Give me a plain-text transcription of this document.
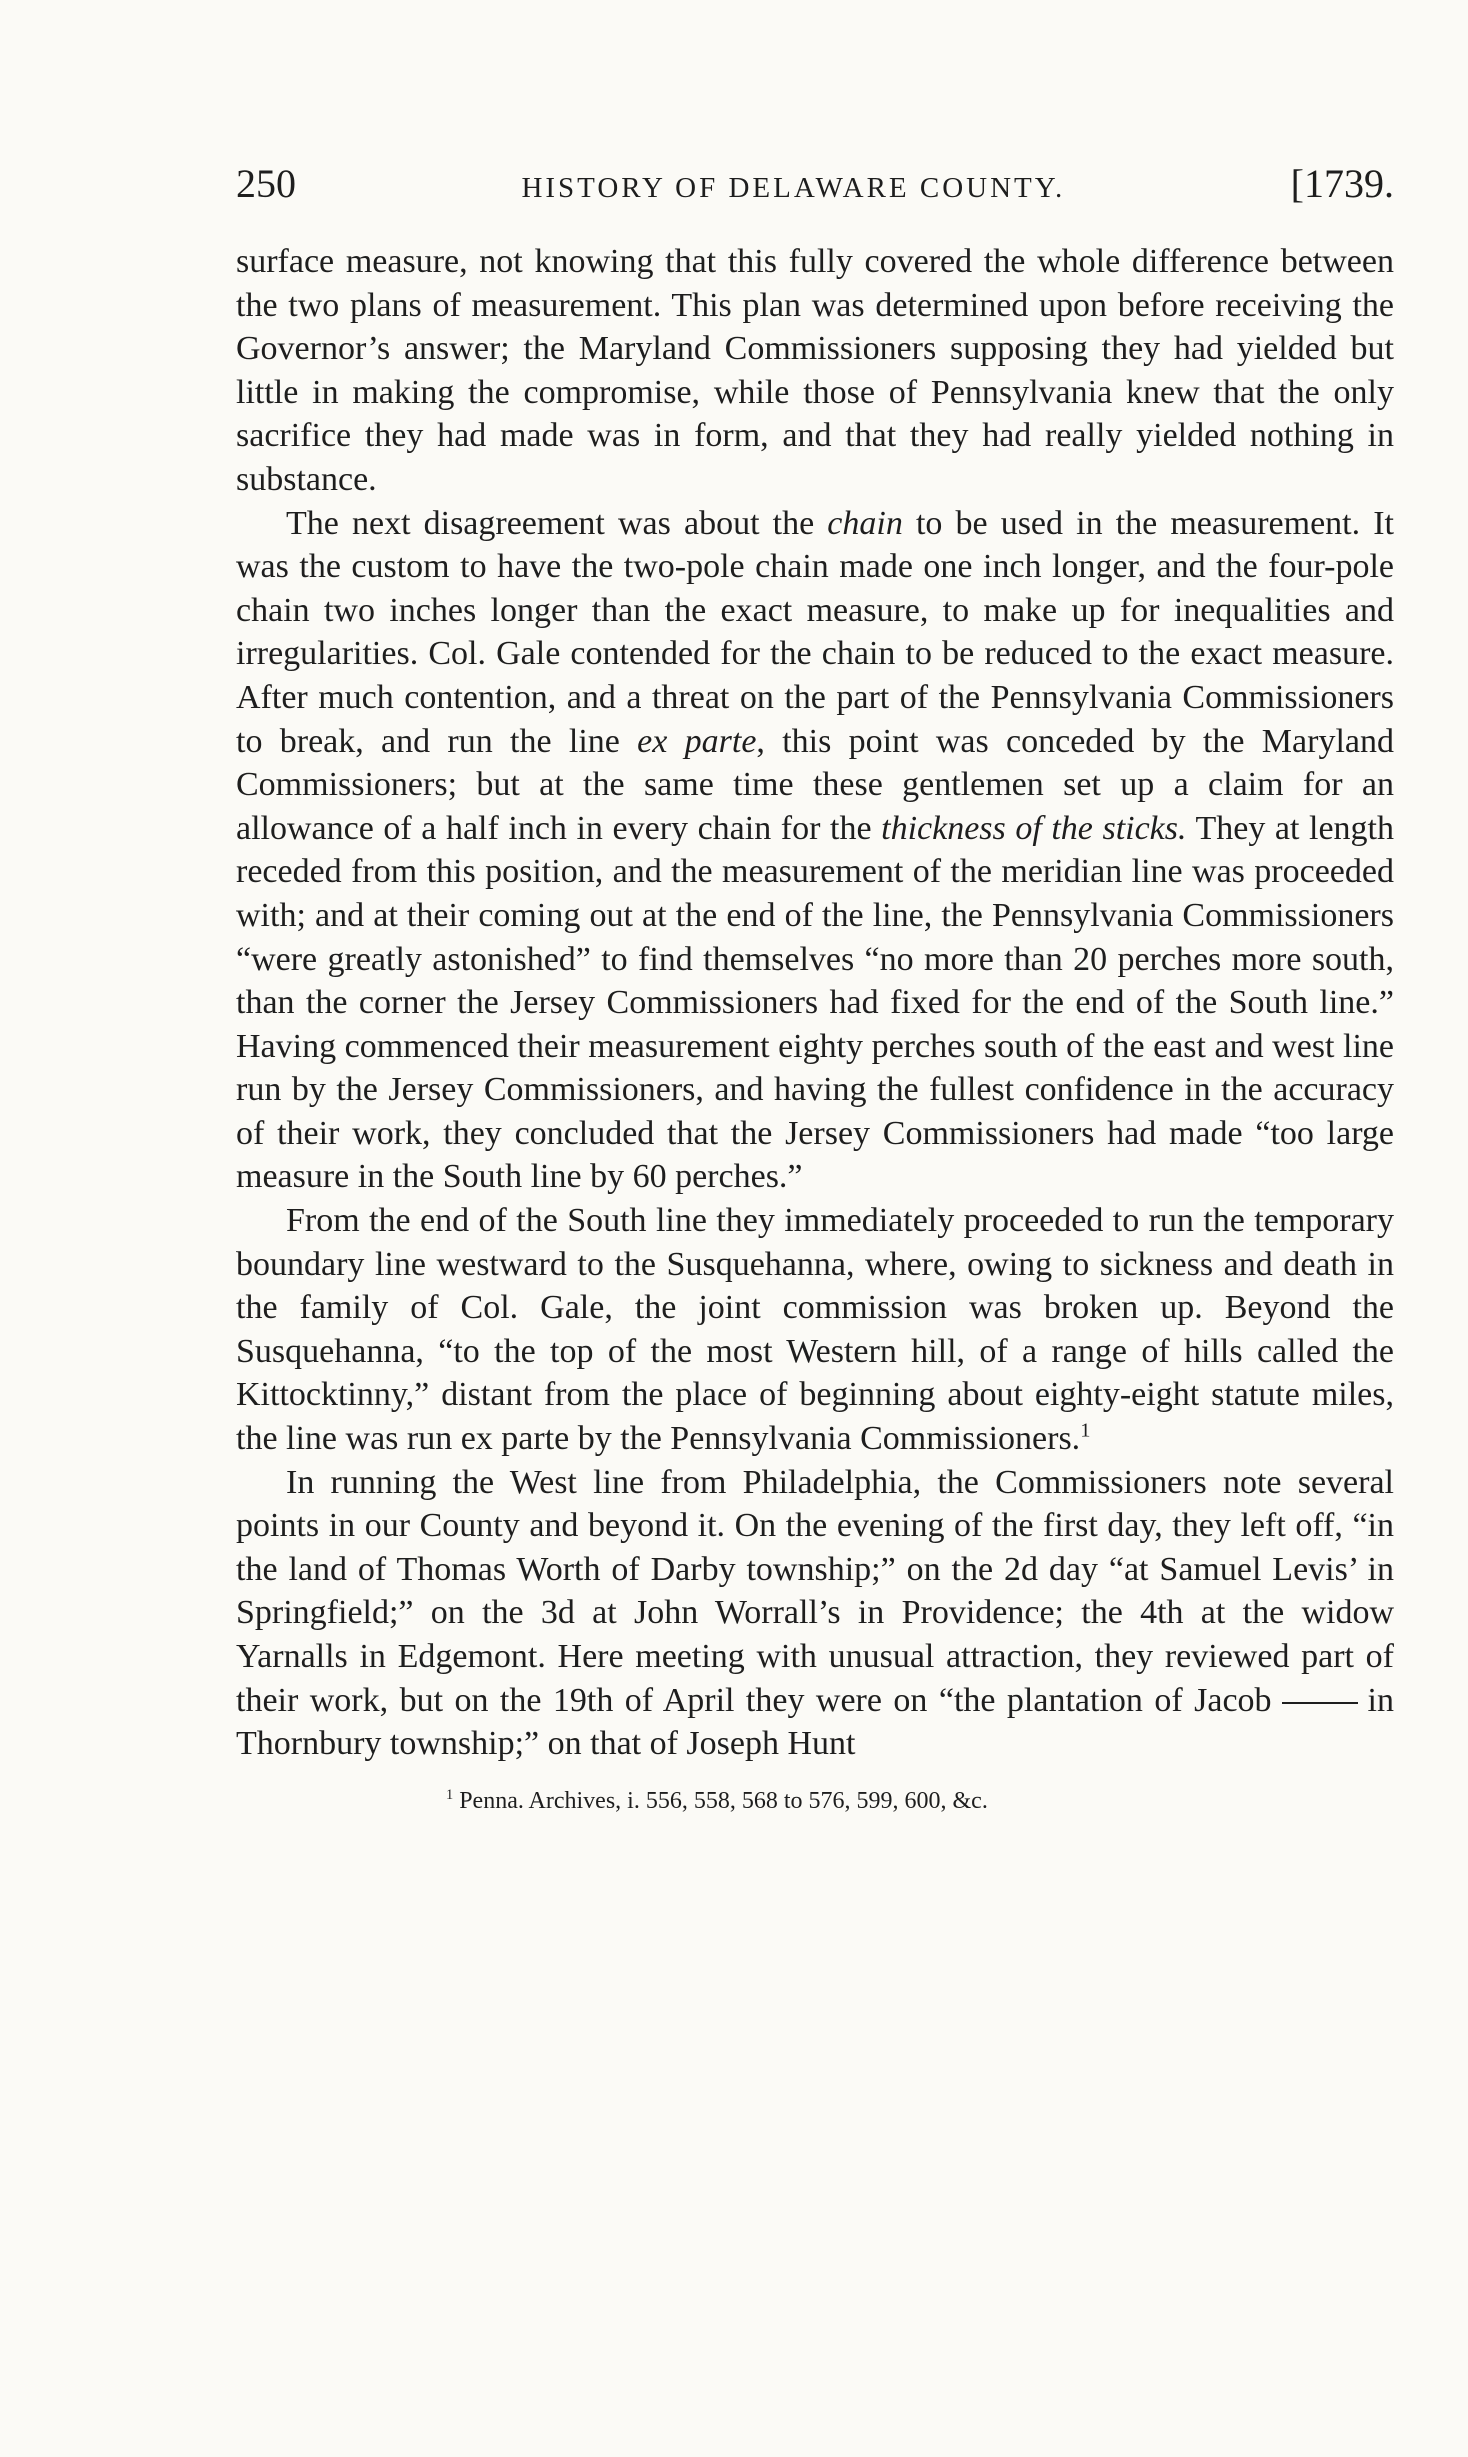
250	HISTORY OF DELAWARE COUNTY.	[1739.

surface measure, not knowing that this fully covered the whole difference between the two plans of measurement. This plan was determined upon before receiving the Governor’s answer; the Maryland Commissioners supposing they had yielded but little in making the compromise, while those of Pennsylvania knew that the only sacrifice they had made was in form, and that they had really yielded nothing in substance.

The next disagreement was about the chain to be used in the measurement. It was the custom to have the two-pole chain made one inch longer, and the four-pole chain two inches longer than the exact measure, to make up for inequalities and irregularities. Col. Gale contended for the chain to be reduced to the exact measure. After much contention, and a threat on the part of the Pennsylvania Commissioners to break, and run the line ex parte, this point was conceded by the Maryland Commissioners; but at the same time these gentlemen set up a claim for an allowance of a half inch in every chain for the thickness of the sticks. They at length receded from this position, and the measurement of the meridian line was proceeded with; and at their coming out at the end of the line, the Pennsylvania Commissioners “were greatly astonished” to find themselves “no more than 20 perches more south, than the corner the Jersey Commissioners had fixed for the end of the South line.” Having commenced their measurement eighty perches south of the east and west line run by the Jersey Commissioners, and having the fullest confidence in the accuracy of their work, they concluded that the Jersey Commissioners had made “too large measure in the South line by 60 perches.”

From the end of the South line they immediately proceeded to run the temporary boundary line westward to the Susquehanna, where, owing to sickness and death in the family of Col. Gale, the joint commission was broken up. Beyond the Susquehanna, “to the top of the most Western hill, of a range of hills called the Kittocktinny,” distant from the place of beginning about eighty-eight statute miles, the line was run ex parte by the Pennsylvania Commissioners.$^1$

In running the West line from Philadelphia, the Commissioners note several points in our County and beyond it. On the evening of the first day, they left off, “in the land of Thomas Worth of Darby township;” on the 2d day “at Samuel Levis’ in Springfield;” on the 3d at John Worrall’s in Providence; the 4th at the widow Yarnalls in Edgemont. Here meeting with unusual attraction, they reviewed part of their work, but on the 19th of April they were on “the plantation of Jacob	in Thornbury township;” on that of Joseph Hunt

$^1$ Penna. Archives, i. 556, 558, 568 to 576, 599, 600, &c.
